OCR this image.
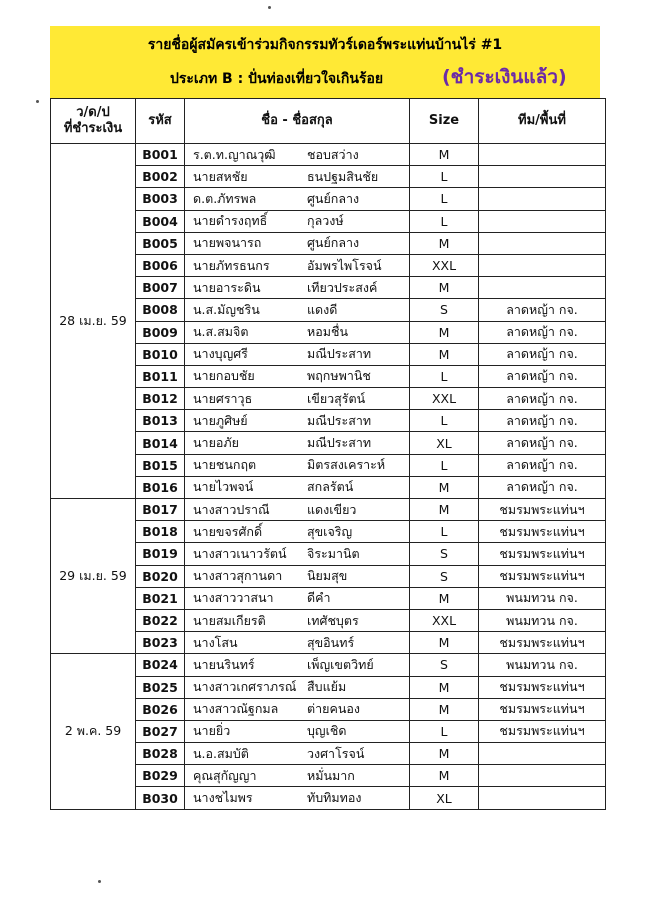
รายชื่อผู้สมัครเข้าร่วมกิจกรรมทัวร์เดอร์พระแท่นบ้านไร่ #1
ประเภท B : ปั่นท่องเที่ยวใจเกินร้อย	(ชำระเงินแล้ว)
ว/ด/ป
ที่ชำระเงิน	รหัส	ชื่อ - ชื่อสกุล	Size	ทีม/พื้นที่
28 เม.ย. 59	B001	ร.ต.ท.ญาณวุฒิ ชอบสว่าง	M	
	B002	นายสหชัย ธนปฐมสินชัย	L	
	B003	ด.ต.ภัทรพล ศูนย์กลาง	L	
	B004	นายดำรงฤทธิ์ กุลวงษ์	L	
	B005	นายพจนารถ ศูนย์กลาง	M	
	B006	นายภัทรธนกร อัมพรไพโรจน์	XXL	
	B007	นายอาระดิน เทียวประสงค์	M	
	B008	น.ส.มัญชริน แดงดี	S	ลาดหญ้า กจ.
	B009	น.ส.สมจิต หอมชื่น	M	ลาดหญ้า กจ.
	B010	นางบุญศรี มณีประสาท	M	ลาดหญ้า กจ.
	B011	นายกอบชัย พฤกษพานิช	L	ลาดหญ้า กจ.
	B012	นายศราวุธ เขียวสุรัตน์	XXL	ลาดหญ้า กจ.
	B013	นายภูศิษย์ มณีประสาท	L	ลาดหญ้า กจ.
	B014	นายอภัย มณีประสาท	XL	ลาดหญ้า กจ.
	B015	นายชนกฤต มิตรสงเคราะห์	L	ลาดหญ้า กจ.
	B016	นายไวพจน์ สกลรัตน์	M	ลาดหญ้า กจ.
29 เม.ย. 59	B017	นางสาวปราณี แดงเขียว	M	ชมรมพระแท่นฯ
	B018	นายขจรศักดิ์ สุขเจริญ	L	ชมรมพระแท่นฯ
	B019	นางสาวเนาวรัตน์ จิระมานิต	S	ชมรมพระแท่นฯ
	B020	นางสาวสุกานดา นิยมสุข	S	ชมรมพระแท่นฯ
	B021	นางสาววาสนา ดีคำ	M	พนมทวน กจ.
	B022	นายสมเกียรติ เทศัชบุตร	XXL	พนมทวน กจ.
	B023	นางโสน สุขอินทร์	M	ชมรมพระแท่นฯ
2 พ.ค. 59	B024	นายนรินทร์ เพ็ญเขตวิทย์	S	พนมทวน กจ.
	B025	นางสาวเกศราภรณ์ สืบแย้ม	M	ชมรมพระแท่นฯ
	B026	นางสาวณัฐกมล ต่ายคนอง	M	ชมรมพระแท่นฯ
	B027	นายยิ่ว บุญเชิด	L	ชมรมพระแท่นฯ
	B028	น.อ.สมบัติ วงศาโรจน์	M	
	B029	คุณสุกัญญา หมั่นมาก	M	
	B030	นางชไมพร ทับทิมทอง	XL	
